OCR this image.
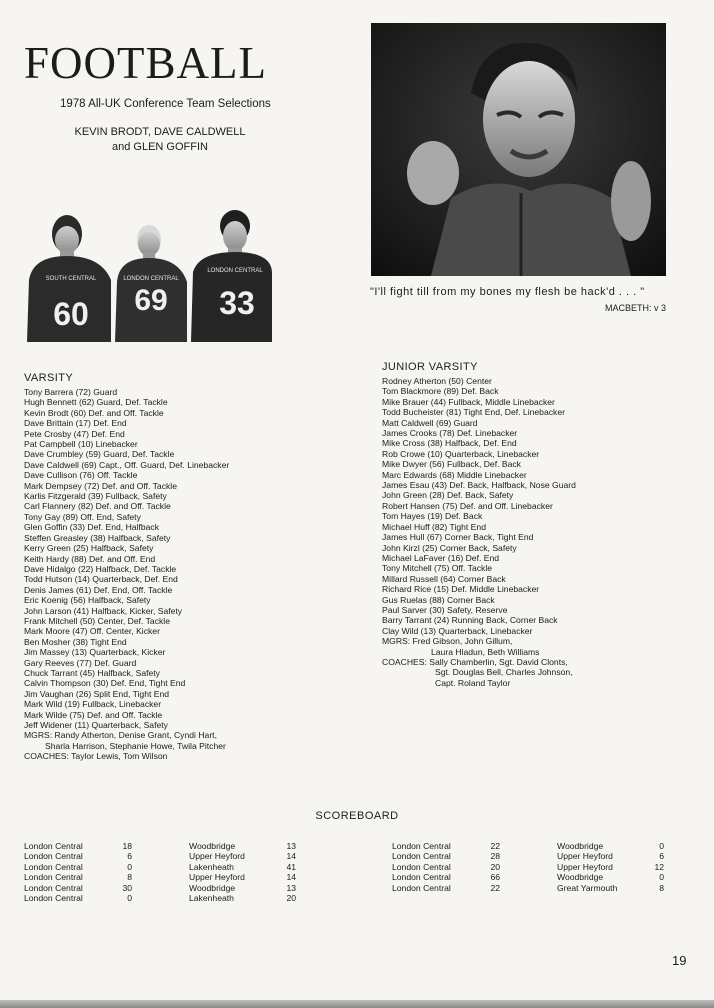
FOOTBALL
1978 All-UK Conference Team Selections
KEVIN BRODT, DAVE CALDWELL
and GLEN GOFFIN
SOUTH CENTRAL
60
LONDON CENTRAL
69
LONDON CENTRAL
33	"I'll fight till from my bones my flesh be hack'd . . . "
MACBETH: v 3
VARSITY
Tony Barrera (72) Guard
Hugh Bennett (62) Guard, Def. Tackle
Kevin Brodt (60) Def. and Off. Tackle
Dave Brittain (17) Def. End
Pete Crosby (47) Def. End
Pat Campbell (10) Linebacker
Dave Crumbley (59) Guard, Def. Tackle
Dave Caldwell (69) Capt., Off. Guard, Def. Linebacker
Dave Cullison (76) Off. Tackle
Mark Dempsey (72) Def. and Off. Tackle
Karlis Fitzgerald (39) Fullback, Safety
Carl Flannery (82) Def. and Off. Tackle
Tony Gay (89) Off. End, Safety
Glen Goffin (33) Def. End, Halfback
Steffen Greasley (38) Halfback, Safety
Kerry Green (25) Halfback, Safety
Keith Hardy (88) Def. and Off. End
Dave Hidalgo (22) Halfback, Def. Tackle
Todd Hutson (14) Quarterback, Def. End
Denis James (61) Def. End, Off. Tackle
Eric Koenig (56) Halfback, Safety
John Larson (41) Halfback, Kicker, Safety
Frank Mitchell (50) Center, Def. Tackle
Mark Moore (47) Off. Center, Kicker
Ben Mosher (38) Tight End
Jim Massey (13) Quarterback, Kicker
Gary Reeves (77) Def. Guard
Chuck Tarrant (45) Halfback, Safety
Calvin Thompson (30) Def. End, Tight End
Jim Vaughan (26) Split End, Tight End
Mark Wild (19) Fullback, Linebacker
Mark Wilde (75) Def. and Off. Tackle
Jeff Widener (11) Quarterback, Safety
MGRS: Randy Atherton, Denise Grant, Cyndi Hart,
Sharla Harrison, Stephanie Howe, Twila Pitcher
COACHES: Taylor Lewis, Tom Wilson
JUNIOR VARSITY
Rodney Atherton (50) Center
Tom Blackmore (89) Def. Back
Mike Brauer (44) Fullback, Middle Linebacker
Todd Bucheister (81) Tight End, Def. Linebacker
Matt Caldwell (69) Guard
James Crooks (78) Def. Linebacker
Mike Cross (38) Halfback, Def. End
Rob Crowe (10) Quarterback, Linebacker
Mike Dwyer (56) Fullback, Def. Back
Marc Edwards (68) Middle Linebacker
James Esau (43) Def. Back, Halfback, Nose Guard
John Green (28) Def. Back, Safety
Robert Hansen (75) Def. and Off. Linebacker
Tom Hayes (19) Def. Back
Michael Huff (82) Tight End
James Hull (67) Corner Back, Tight End
John Kirzl (25) Corner Back, Safety
Michael LaFaver (16) Def. End
Tony Mitchell (75) Off. Tackle
Millard Russell (64) Corner Back
Richard Rice (15) Def. Middle Linebacker
Gus Ruelas (88) Corner Back
Paul Sarver (30) Safety, Reserve
Barry Tarrant (24) Running Back, Corner Back
Clay Wild (13) Quarterback, Linebacker
MGRS: Fred Gibson, John Gillum,
Laura Hladun, Beth Williams
COACHES: Sally Chamberlin, Sgt. David Clonts,
Sgt. Douglas Bell, Charles Johnson,
Capt. Roland Taylor
SCOREBOARD
London Central	18	Woodbridge	13
London Central	6	Upper Heyford	14
London Central	0	Lakenheath	41
London Central	8	Upper Heyford	14
London Central	30	Woodbridge	13
London Central	0	Lakenheath	20
London Central	22	Woodbridge	0
London Central	28	Upper Heyford	6
London Central	20	Upper Heyford	12
London Central	66	Woodbridge	0
London Central	22	Great Yarmouth	8
19
